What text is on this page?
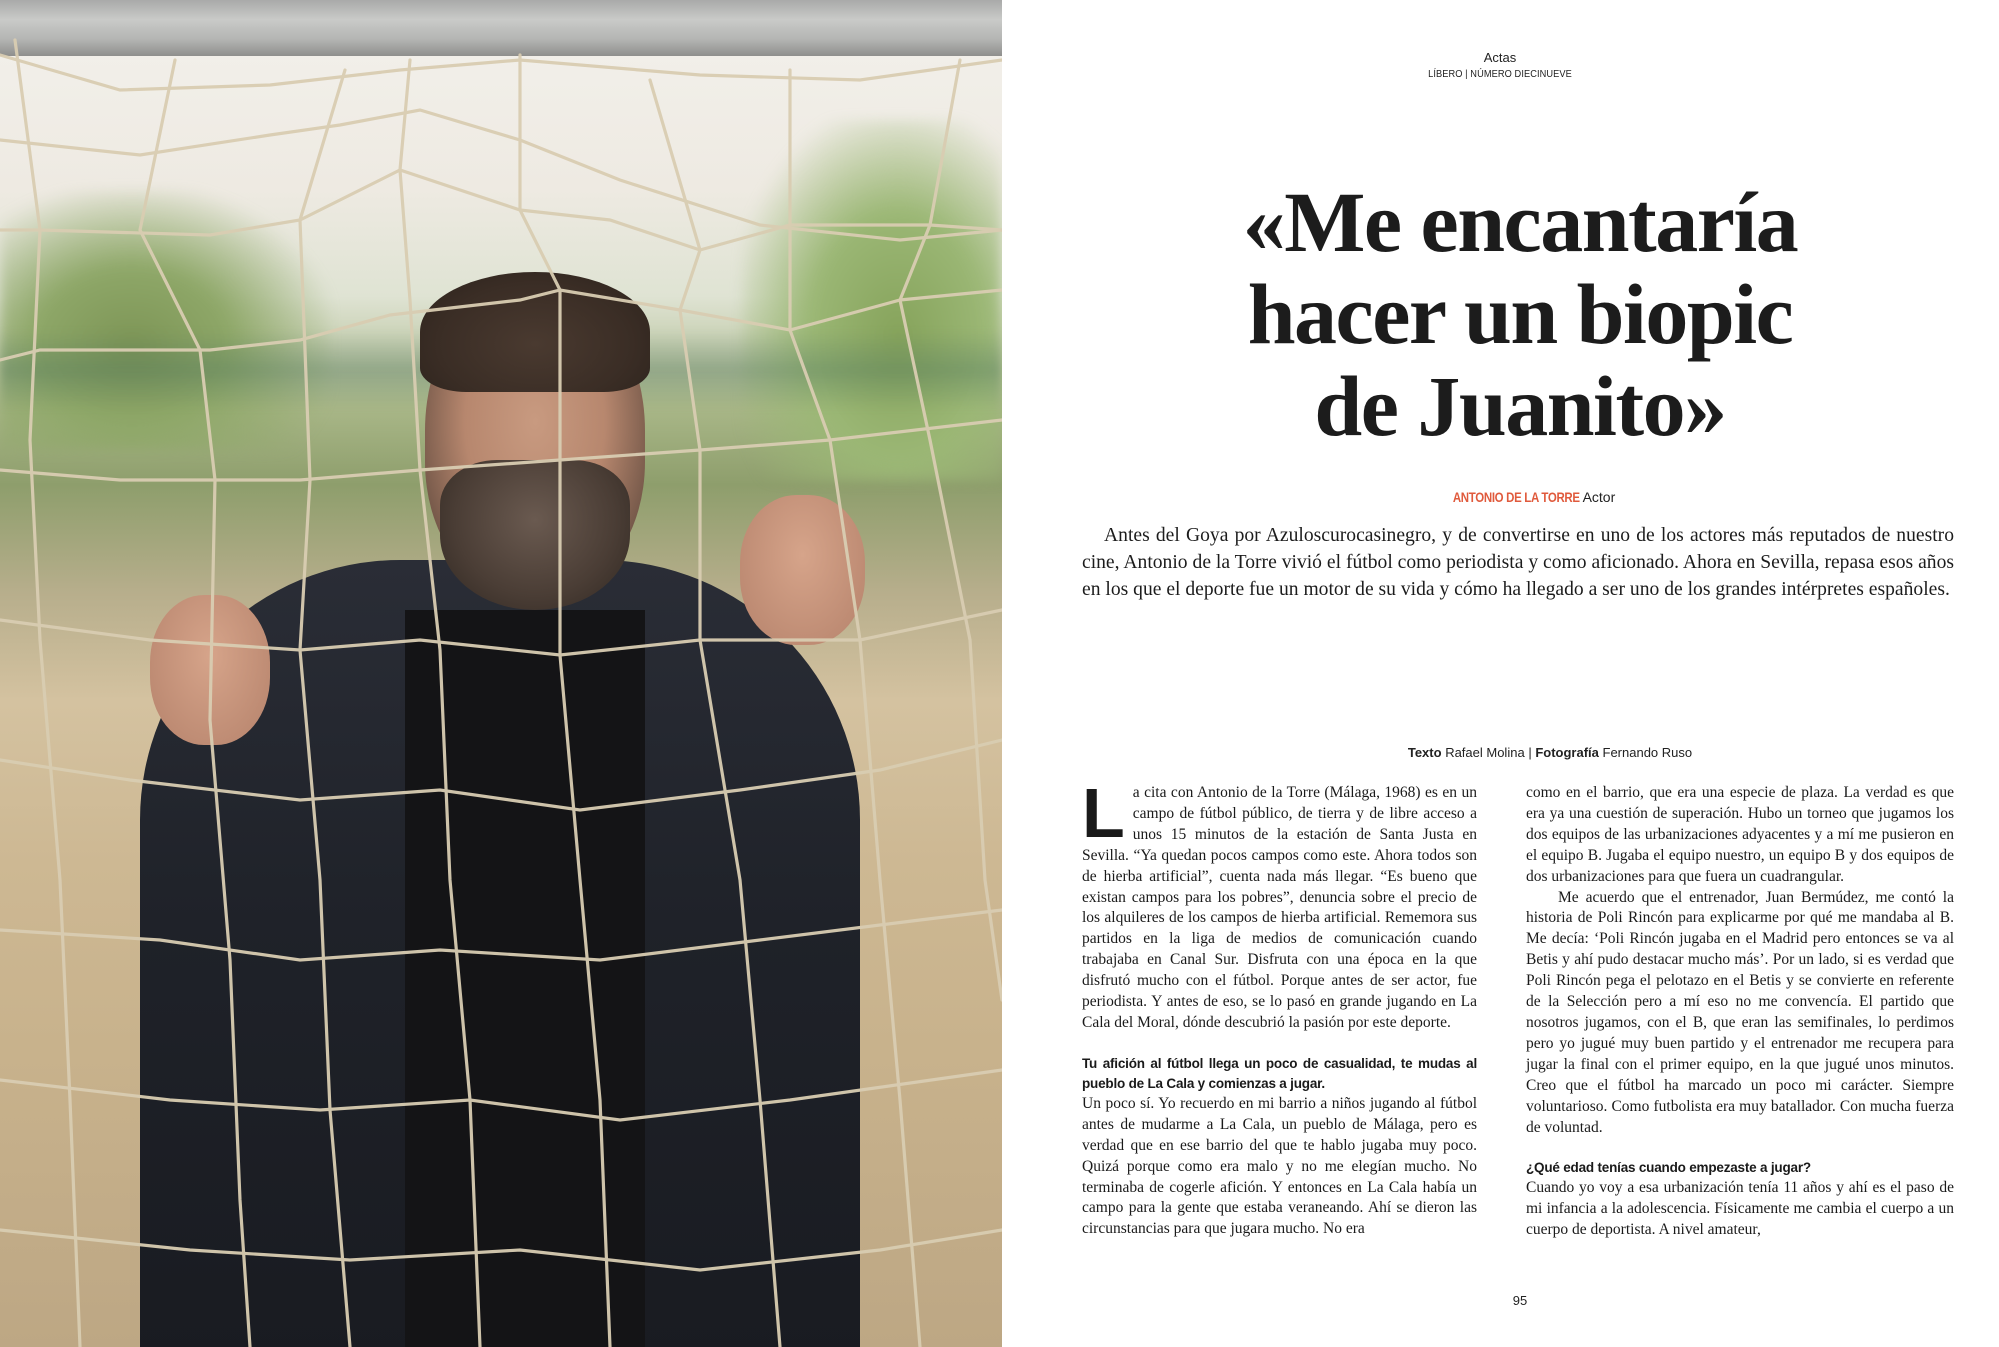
Actas
LÍBERO | NÚMERO DIECINUEVE
«Me encantaría
hacer un biopic
de Juanito»
ANTONIO DE LA TORRE Actor

Antes del Goya por Azuloscurocasinegro, y de convertirse en uno de los actores más reputados de nuestro cine, Antonio de la Torre vivió el fútbol como periodista y como aficionado. Ahora en Sevilla, repasa esos años en los que el deporte fue un motor de su vida y cómo ha llegado a ser uno de los grandes intérpretes españoles.

Texto Rafael Molina | Fotografía Fernando Ruso

La cita con Antonio de la Torre (Málaga, 1968) es en un campo de fútbol público, de tierra y de libre acceso a unos 15 minutos de la estación de Santa Justa en Sevilla. “Ya quedan pocos campos como este. Ahora todos son de hierba artificial”, cuenta nada más llegar. “Es bueno que existan campos para los pobres”, denuncia sobre el precio de los alquileres de los campos de hierba artificial. Rememora sus partidos en la liga de medios de comunicación cuando trabajaba en Canal Sur. Disfruta con una época en la que disfrutó mucho con el fútbol. Porque antes de ser actor, fue periodista. Y antes de eso, se lo pasó en grande jugando en La Cala del Moral, dónde descubrió la pasión por este deporte.

Tu afición al fútbol llega un poco de casualidad, te mudas al pueblo de La Cala y comienzas a jugar.

Un poco sí. Yo recuerdo en mi barrio a niños jugando al fútbol antes de mudarme a La Cala, un pueblo de Málaga, pero es verdad que en ese barrio del que te hablo jugaba muy poco. Quizá porque como era malo y no me elegían mucho. No terminaba de cogerle afición. Y entonces en La Cala había un campo para la gente que estaba veraneando. Ahí se dieron las circunstancias para que jugara mucho. No era

como en el barrio, que era una especie de plaza. La verdad es que era ya una cuestión de superación. Hubo un torneo que jugamos los dos equipos de las urbanizaciones adyacentes y a mí me pusieron en el equipo B. Jugaba el equipo nuestro, un equipo B y dos equipos de dos urbanizaciones para que fuera un cuadrangular.

Me acuerdo que el entrenador, Juan Bermúdez, me contó la historia de Poli Rincón para explicarme por qué me mandaba al B. Me decía: ‘Poli Rincón jugaba en el Madrid pero entonces se va al Betis y ahí pudo destacar mucho más’. Por un lado, si es verdad que Poli Rincón pega el pelotazo en el Betis y se convierte en referente de la Selección pero a mí eso no me convencía. El partido que nosotros jugamos, con el B, que eran las semifinales, lo perdimos pero yo jugué muy buen partido y el entrenador me recupera para jugar la final con el primer equipo, en la que jugué unos minutos. Creo que el fútbol ha marcado un poco mi carácter. Siempre voluntarioso. Como futbolista era muy batallador. Con mucha fuerza de voluntad.

¿Qué edad tenías cuando empezaste a jugar?

Cuando yo voy a esa urbanización tenía 11 años y ahí es el paso de mi infancia a la adolescencia. Físicamente me cambia el cuerpo a un cuerpo de deportista. A nivel amateur,

95
